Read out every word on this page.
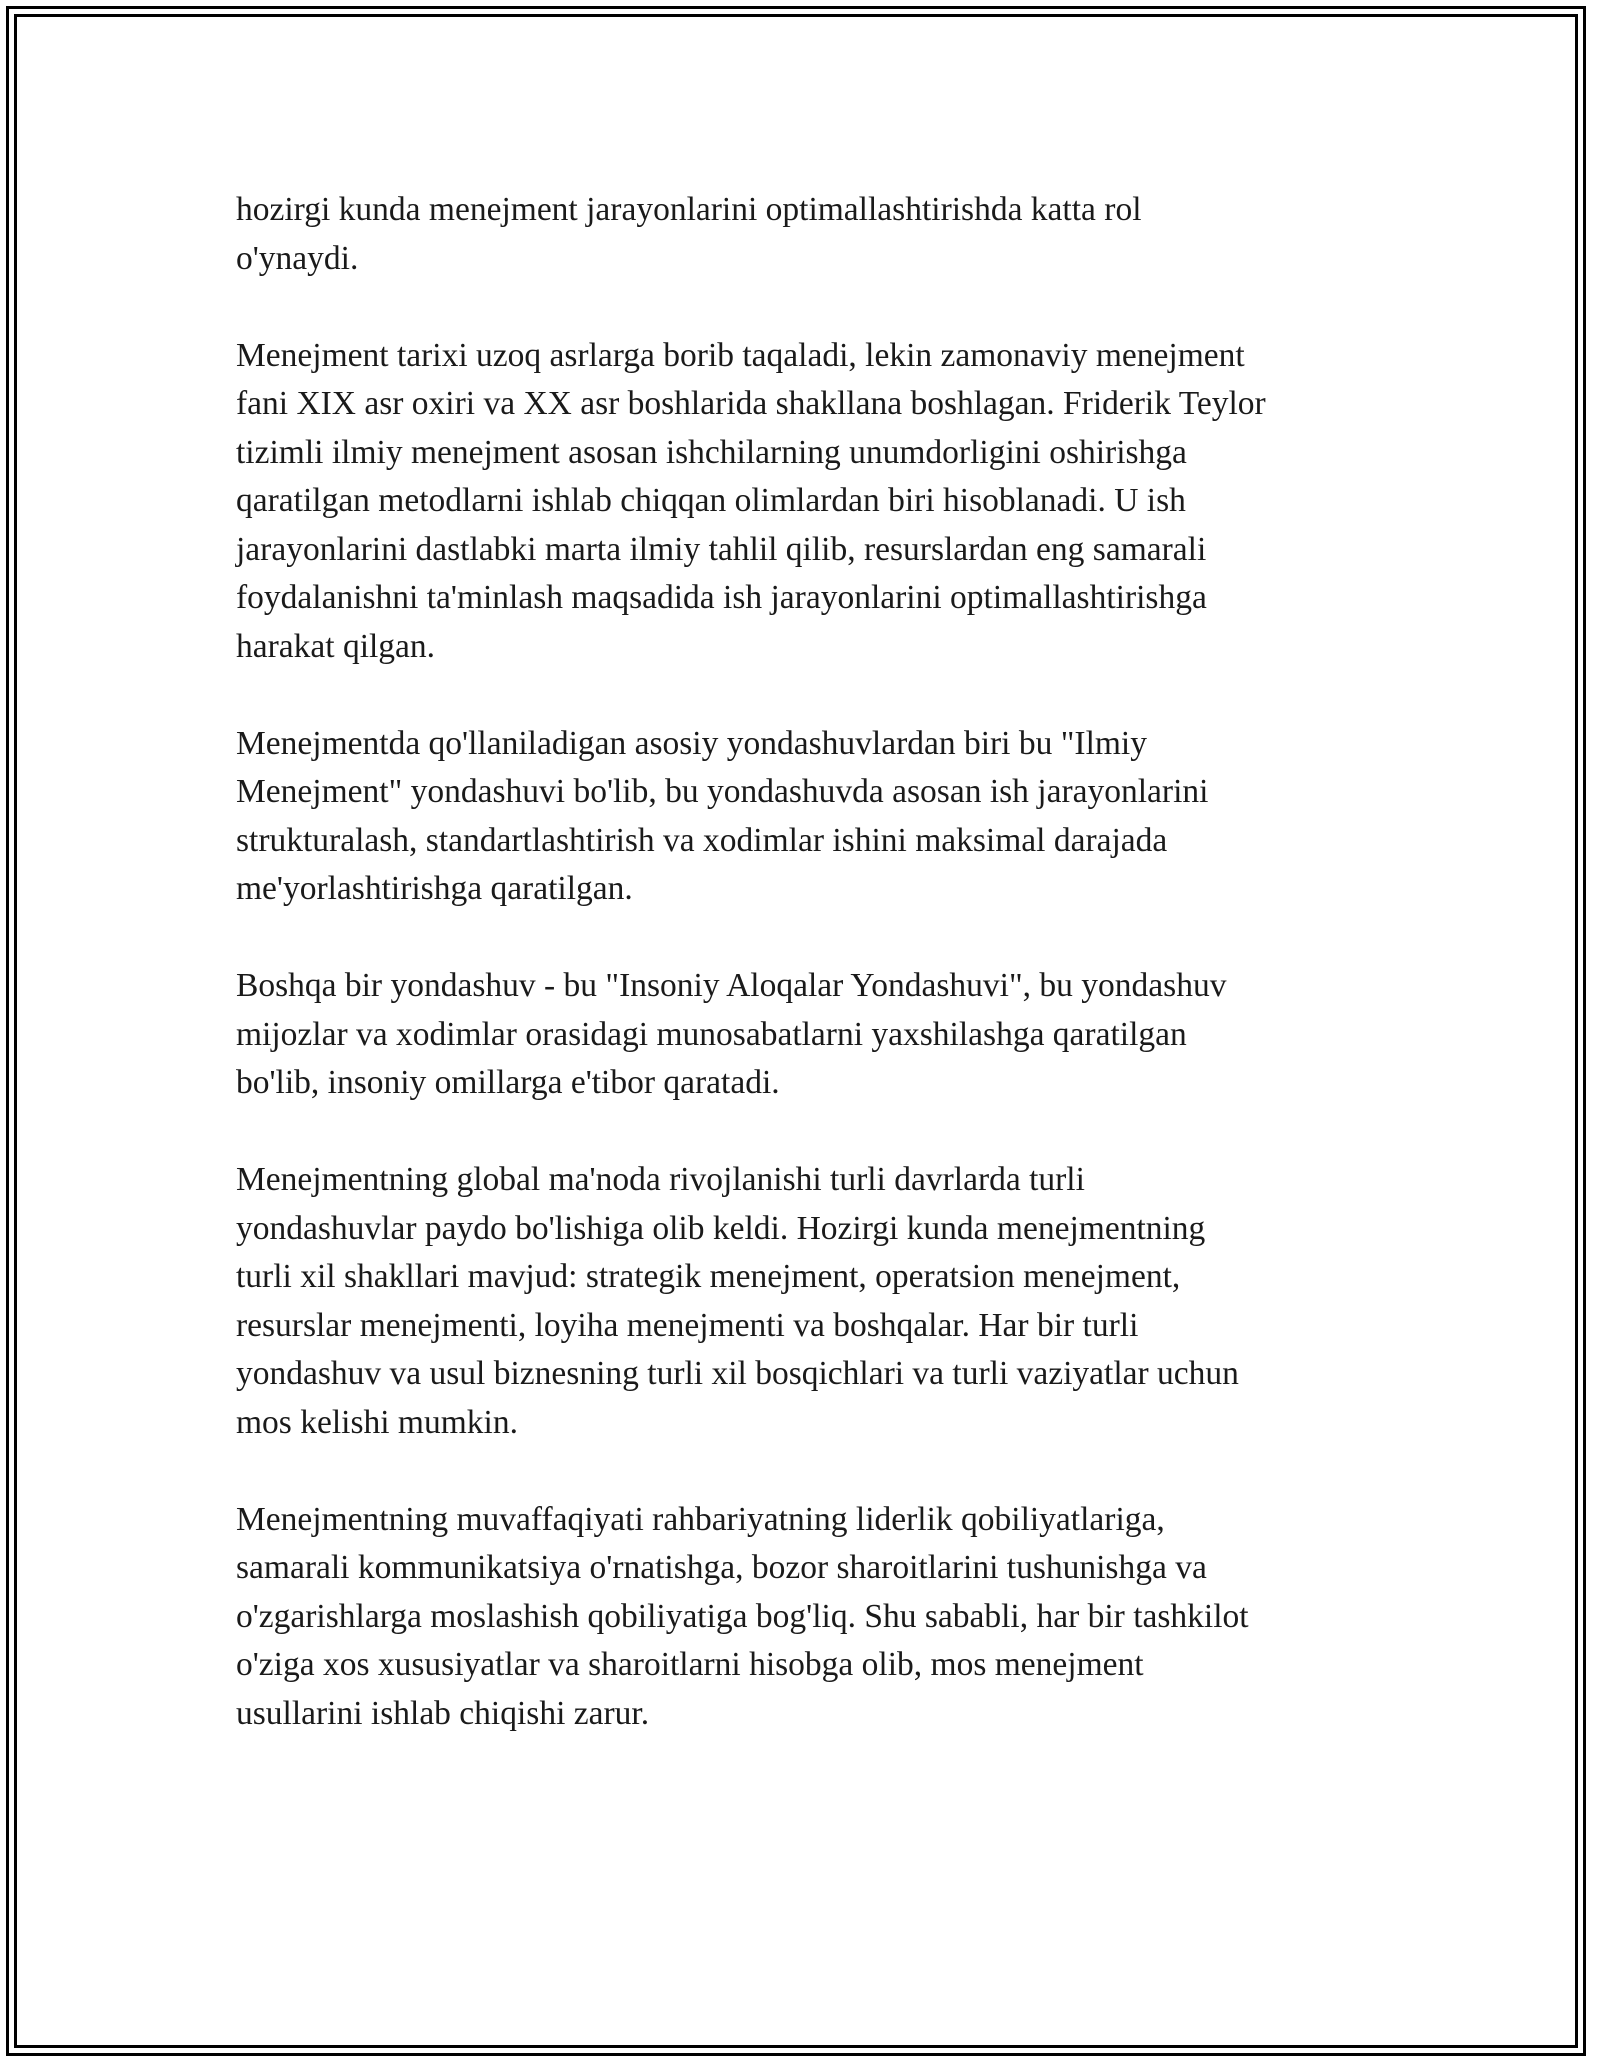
hozirgi kunda menejment jarayonlarini optimallashtirishda katta rol
o'ynaydi.

Menejment tarixi uzoq asrlarga borib taqaladi, lekin zamonaviy menejment
fani XIX asr oxiri va XX asr boshlarida shakllana boshlagan. Friderik Teylor
tizimli ilmiy menejment asosan ishchilarning unumdorligini oshirishga
qaratilgan metodlarni ishlab chiqqan olimlardan biri hisoblanadi. U ish
jarayonlarini dastlabki marta ilmiy tahlil qilib, resurslardan eng samarali
foydalanishni ta'minlash maqsadida ish jarayonlarini optimallashtirishga
harakat qilgan.

Menejmentda qo'llaniladigan asosiy yondashuvlardan biri bu "Ilmiy
Menejment" yondashuvi bo'lib, bu yondashuvda asosan ish jarayonlarini
strukturalash, standartlashtirish va xodimlar ishini maksimal darajada
me'yorlashtirishga qaratilgan.

Boshqa bir yondashuv - bu "Insoniy Aloqalar Yondashuvi", bu yondashuv
mijozlar va xodimlar orasidagi munosabatlarni yaxshilashga qaratilgan
bo'lib, insoniy omillarga e'tibor qaratadi.

Menejmentning global ma'noda rivojlanishi turli davrlarda turli
yondashuvlar paydo bo'lishiga olib keldi. Hozirgi kunda menejmentning
turli xil shakllari mavjud: strategik menejment, operatsion menejment,
resurslar menejmenti, loyiha menejmenti va boshqalar. Har bir turli
yondashuv va usul biznesning turli xil bosqichlari va turli vaziyatlar uchun
mos kelishi mumkin.

Menejmentning muvaffaqiyati rahbariyatning liderlik qobiliyatlariga,
samarali kommunikatsiya o'rnatishga, bozor sharoitlarini tushunishga va
o'zgarishlarga moslashish qobiliyatiga bog'liq. Shu sababli, har bir tashkilot
o'ziga xos xususiyatlar va sharoitlarni hisobga olib, mos menejment
usullarini ishlab chiqishi zarur.
